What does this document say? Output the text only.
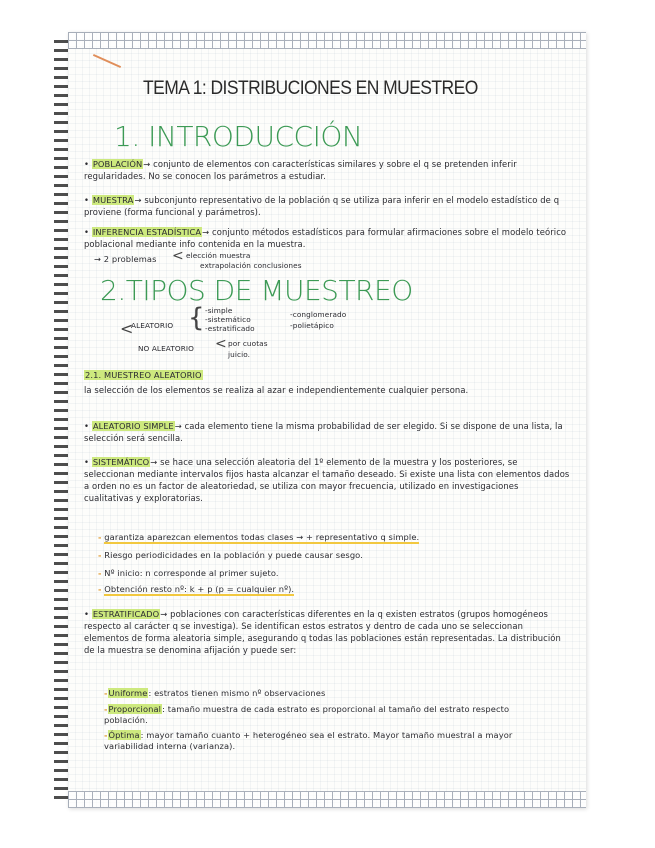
TEMA 1: DISTRIBUCIONES EN MUESTREO
1. INTRODUCCIÓN
• POBLACIÓN→ conjunto de elementos con características similares y sobre el q se pretenden inferir regularidades. No se conocen los parámetros a estudiar.
• MUESTRA→ subconjunto representativo de la población q se utiliza para inferir en el modelo estadístico de q proviene (forma funcional y parámetros).
• INFERENCIA ESTADÍSTICA→ conjunto métodos estadísticos para formular afirmaciones sobre el modelo teórico poblacional mediante info contenida en la muestra.
→ 2 problemas < elección muestra
extrapolación conclusiones
2.TIPOS DE MUESTREO
ALEATORIO { -simple
-sistemático
-estratificado
-conglomerado
-polietápico
<
NO ALEATORIO < por cuotas
juicio.
2.1. MUESTREO ALEATORIO
la selección de los elementos se realiza al azar e independientemente cualquier persona.
• ALEATORIO SIMPLE→ cada elemento tiene la misma probabilidad de ser elegido. Si se dispone de una lista, la selección será sencilla.
• SISTEMÁTICO→ se hace una selección aleatoria del 1º elemento de la muestra y los posteriores, se seleccionan mediante intervalos fijos hasta alcanzar el tamaño deseado. Si existe una lista con elementos dados a orden no es un factor de aleatoriedad, se utiliza con mayor frecuencia, utilizado en investigaciones cualitativas y exploratorias.
- garantiza aparezcan elementos todas clases → + representativo q simple.
- Riesgo periodicidades en la población y puede causar sesgo.
- Nº inicio: n corresponde al primer sujeto.
- Obtención resto nº: k + p (p = cualquier nº).
• ESTRATIFICADO→ poblaciones con características diferentes en la q existen estratos (grupos homogéneos respecto al carácter q se investiga). Se identifican estos estratos y dentro de cada uno se seleccionan elementos de forma aleatoria simple, asegurando q todas las poblaciones están representadas. La distribución de la muestra se denomina afijación y puede ser:
-Uniforme: estratos tienen mismo nº observaciones
-Proporcional: tamaño muestra de cada estrato es proporcional al tamaño del estrato respecto población.
-Óptima: mayor tamaño cuanto + heterogéneo sea el estrato. Mayor tamaño muestral a mayor variabilidad interna (varianza).
